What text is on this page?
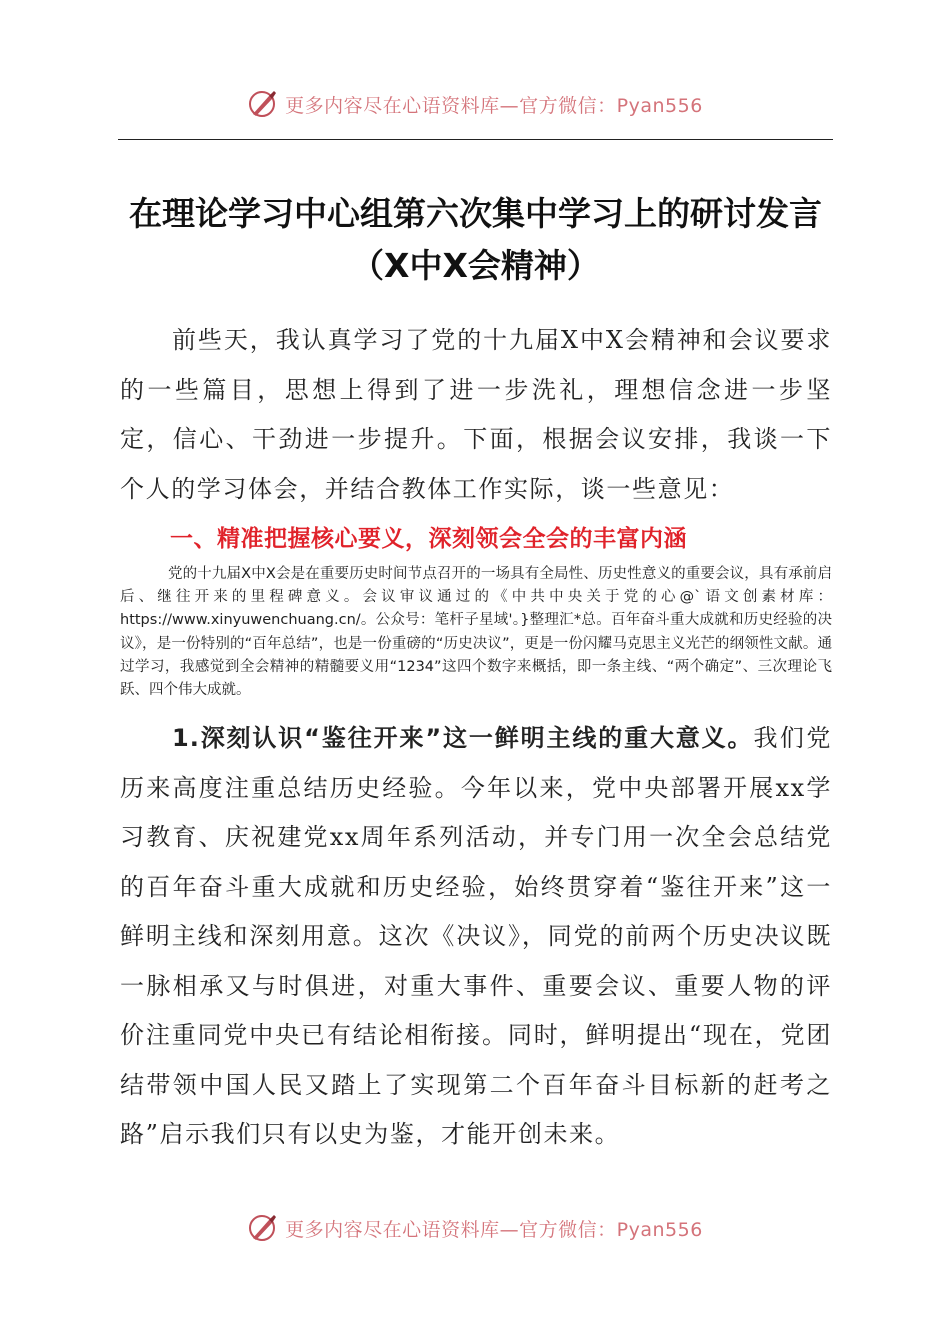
更多内容尽在心语资料库—官方微信：Pyan556
在理论学习中心组第六次集中学习上的研讨发言（X中X会精神）

前些天，我认真学习了党的十九届X中X会精神和会议要求的一些篇目，思想上得到了进一步洗礼，理想信念进一步坚定，信心、干劲进一步提升。下面，根据会议安排，我谈一下个人的学习体会，并结合教体工作实际，谈一些意见：

一、精准把握核心要义，深刻领会全会的丰富内涵

党的十九届X中X会是在重要历史时间节点召开的一场具有全局性、历史性意义的重要会议，具有承前启后、继往开来的里程碑意义。会议审议通过的《中共中央关于党的心@`语文创素材库：https://www.xinyuwenchuang.cn/。公众号：笔杆子星域'。}整理汇*总。百年奋斗重大成就和历史经验的决议》，是一份特别的“百年总结”，也是一份重磅的“历史决议”，更是一份闪耀马克思主义光芒的纲领性文献。通过学习，我感觉到全会精神的精髓要义用“1234”这四个数字来概括，即一条主线、“两个确定”、三次理论飞跃、四个伟大成就。

1.深刻认识“鉴往开来”这一鲜明主线的重大意义。我们党历来高度注重总结历史经验。今年以来，党中央部署开展xx学习教育、庆祝建党xx周年系列活动，并专门用一次全会总结党的百年奋斗重大成就和历史经验，始终贯穿着“鉴往开来”这一鲜明主线和深刻用意。这次《决议》，同党的前两个历史决议既一脉相承又与时俱进，对重大事件、重要会议、重要人物的评价注重同党中央已有结论相衔接。同时，鲜明提出“现在，党团结带领中国人民又踏上了实现第二个百年奋斗目标新的赶考之路”启示我们只有以史为鉴，才能开创未来。

更多内容尽在心语资料库—官方微信：Pyan556
